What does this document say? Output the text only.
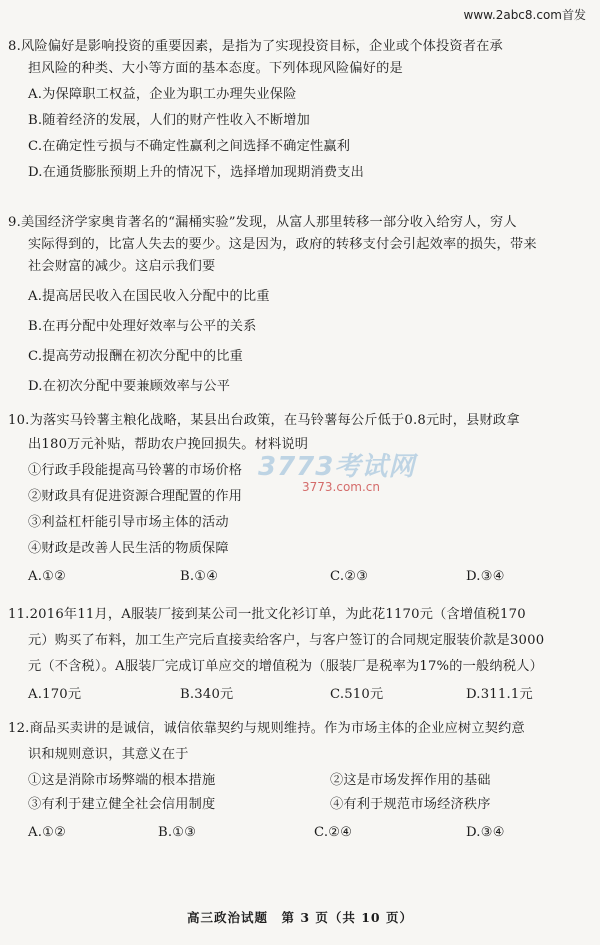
www.2abc8.com首发
8.风险偏好是影响投资的重要因素，是指为了实现投资目标，企业或个体投资者在承
担风险的种类、大小等方面的基本态度。下列体现风险偏好的是
A.为保障职工权益，企业为职工办理失业保险
B.随着经济的发展，人们的财产性收入不断增加
C.在确定性亏损与不确定性赢利之间选择不确定性赢利
D.在通货膨胀预期上升的情况下，选择增加现期消费支出
9.美国经济学家奥肯著名的“漏桶实验”发现，从富人那里转移一部分收入给穷人，穷人
实际得到的，比富人失去的要少。这是因为，政府的转移支付会引起效率的损失，带来
社会财富的减少。这启示我们要
A.提高居民收入在国民收入分配中的比重
B.在再分配中处理好效率与公平的关系
C.提高劳动报酬在初次分配中的比重
D.在初次分配中要兼顾效率与公平
10.为落实马铃薯主粮化战略，某县出台政策，在马铃薯每公斤低于0.8元时，县财政拿
出180万元补贴，帮助农户挽回损失。材料说明
①行政手段能提高马铃薯的市场价格
②财政具有促进资源合理配置的作用
③利益杠杆能引导市场主体的活动
④财政是改善人民生活的物质保障
A.①②	B.①④	C.②③	D.③④
11.2016年11月，A服装厂接到某公司一批文化衫订单，为此花1170元（含增值税170
元）购买了布料，加工生产完后直接卖给客户，与客户签订的合同规定服装价款是3000
元（不含税）。A服装厂完成订单应交的增值税为（服装厂是税率为17%的一般纳税人）
A.170元	B.340元	C.510元	D.311.1元
12.商品买卖讲的是诚信，诚信依靠契约与规则维持。作为市场主体的企业应树立契约意
识和规则意识，其意义在于
①这是消除市场弊端的根本措施	②这是市场发挥作用的基础
③有利于建立健全社会信用制度	④有利于规范市场经济秩序
A.①②	B.①③	C.②④	D.③④
3773考试网
3773.com.cn
高三政治试题　第 3 页（共 10 页）
